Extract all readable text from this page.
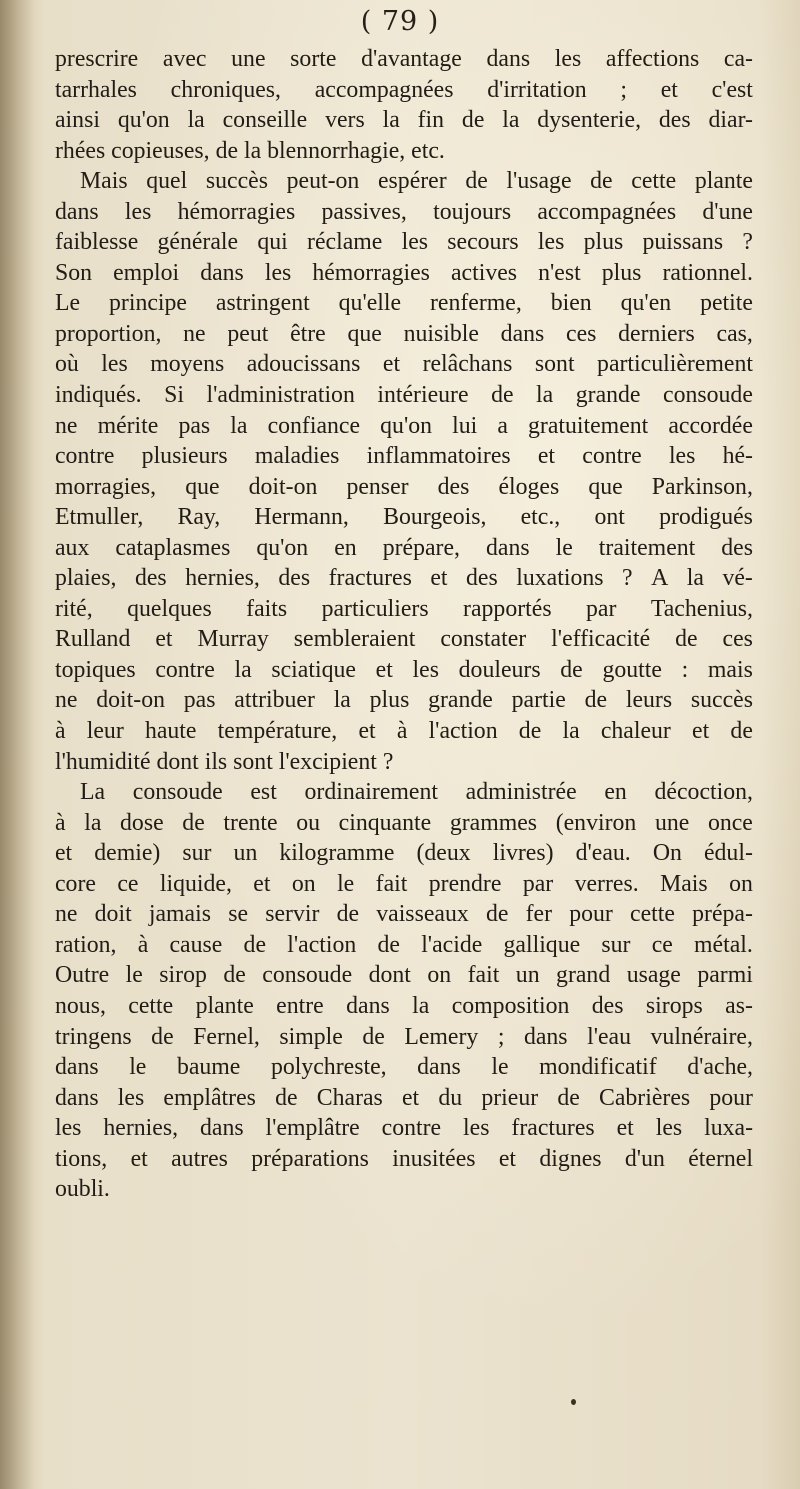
( 79 )
prescrire avec une sorte d'avantage dans les affections ca-
tarrhales chroniques, accompagnées d'irritation ; et c'est
ainsi qu'on la conseille vers la fin de la dysenterie, des diar-
rhées copieuses, de la blennorrhagie, etc.
Mais quel succès peut-on espérer de l'usage de cette plante
dans les hémorragies passives, toujours accompagnées d'une
faiblesse générale qui réclame les secours les plus puissans ?
Son emploi dans les hémorragies actives n'est plus rationnel.
Le principe astringent qu'elle renferme, bien qu'en petite
proportion, ne peut être que nuisible dans ces derniers cas,
où les moyens adoucissans et relâchans sont particulièrement
indiqués. Si l'administration intérieure de la grande consoude
ne mérite pas la confiance qu'on lui a gratuitement accordée
contre plusieurs maladies inflammatoires et contre les hé-
morragies, que doit-on penser des éloges que Parkinson,
Etmuller, Ray, Hermann, Bourgeois, etc., ont prodigués
aux cataplasmes qu'on en prépare, dans le traitement des
plaies, des hernies, des fractures et des luxations ? A la vé-
rité, quelques faits particuliers rapportés par Tachenius,
Rulland et Murray sembleraient constater l'efficacité de ces
topiques contre la sciatique et les douleurs de goutte : mais
ne doit-on pas attribuer la plus grande partie de leurs succès
à leur haute température, et à l'action de la chaleur et de
l'humidité dont ils sont l'excipient ?
La consoude est ordinairement administrée en décoction,
à la dose de trente ou cinquante grammes (environ une once
et demie) sur un kilogramme (deux livres) d'eau. On édul-
core ce liquide, et on le fait prendre par verres. Mais on
ne doit jamais se servir de vaisseaux de fer pour cette prépa-
ration, à cause de l'action de l'acide gallique sur ce métal.
Outre le sirop de consoude dont on fait un grand usage parmi
nous, cette plante entre dans la composition des sirops as-
tringens de Fernel, simple de Lemery ; dans l'eau vulnéraire,
dans le baume polychreste, dans le mondificatif d'ache,
dans les emplâtres de Charas et du prieur de Cabrières pour
les hernies, dans l'emplâtre contre les fractures et les luxa-
tions, et autres préparations inusitées et dignes d'un éternel
oubli.
